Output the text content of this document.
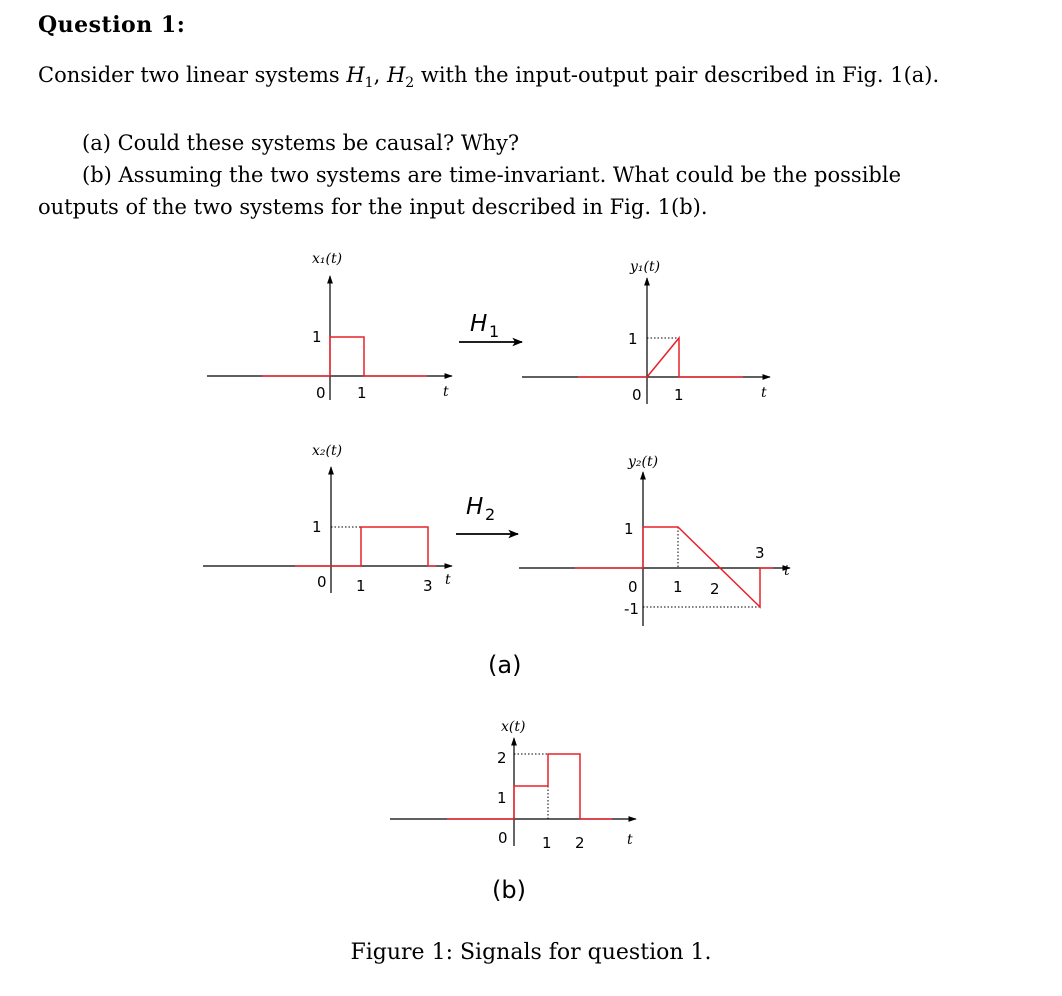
Question 1:
Consider two linear systems $H_1$, $H_2$ with the input-output pair described in Fig. 1(a).
(a) Could these systems be causal? Why?
(b) Assuming the two systems are time-invariant. What could be the possible
outputs of the two systems for the input described in Fig. 1(b).
x₁(t)
1
0 1	t
H 1
y₁(t)
1
0 1	t
x₂(t)
1
0 1	3 t
H 2
y₂(t)
1
0
-1
1 2
3
t
(a)
x(t)
2
1
0 1 2	t
(b)
Figure 1: Signals for question 1.
